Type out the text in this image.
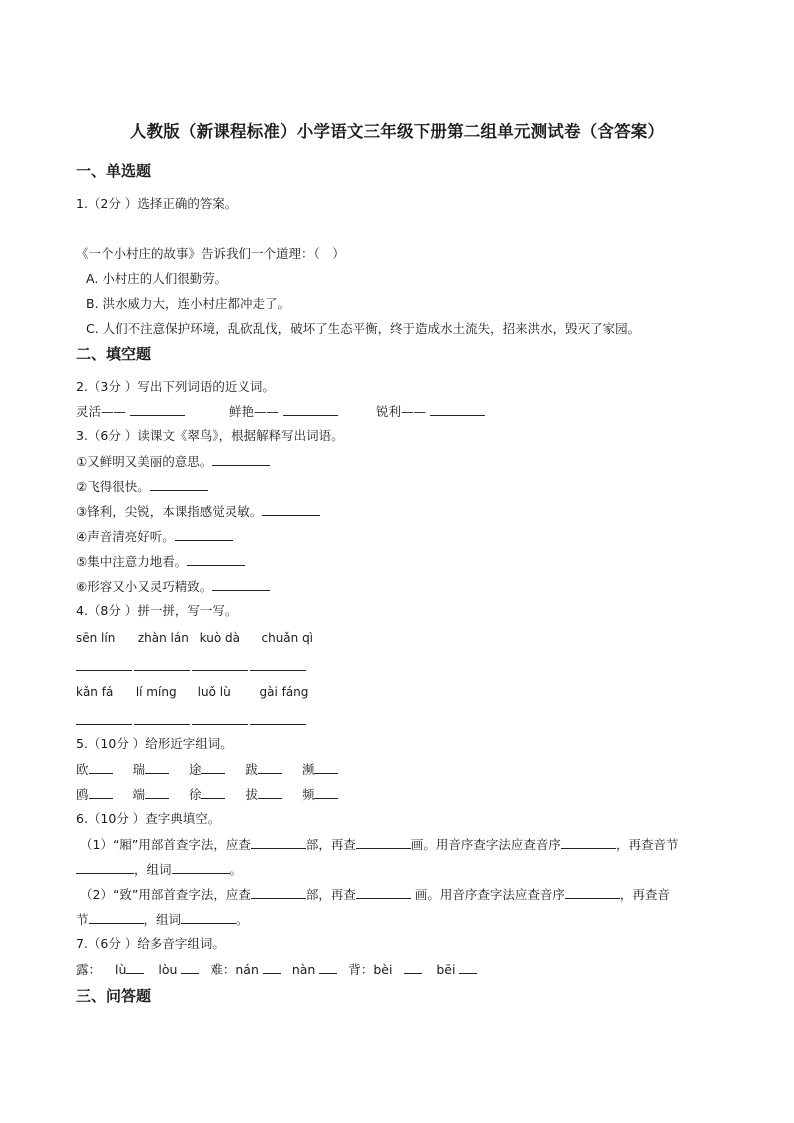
人教版（新课程标准）小学语文三年级下册第二组单元测试卷（含答案）
一、单选题
1.（2分 ）选择正确的答案。
《一个小村庄的故事》告诉我们一个道理：（　）
A. 小村庄的人们很勤劳。
B. 洪水威力大，连小村庄都冲走了。
C. 人们不注意保护环境，乱砍乱伐，破坏了生态平衡，终于造成水土流失，招来洪水，毁灭了家园。
二、填空题
2.（3分 ）写出下列词语的近义词。
灵活——	鲜艳——	锐利——
3.（6分 ）读课文《翠鸟》，根据解释写出词语。
①又鲜明又美丽的意思。
②飞得很快。
③锋利，尖锐，本课指感觉灵敏。
④声音清亮好听。
⑤集中注意力地看。
⑥形容又小又灵巧精致。
4.（8分 ）拼一拼，写一写。
sēn lín zhàn lán kuò dà chuǎn qì
kǎn fá lí míng luǒ lù gài fáng
5.（10分 ）给形近字组词。
欧	瑞	途	跋	濒
鸥	端	徐	拔	频
6.（10分 ）查字典填空。
（1）“厢”用部首查字法，应查	部，再查	画。用音序查字法应查音序	，再查音节
，组词	。
（2）“致”用部首查字法，应查	部，再查	画。用音序查字法应查音序	，再查音
节	，组词	。
7.（6分 ）给多音字组词。
露： lù	lòu	难：nán	nàn	背：bèi	bēi
三、问答题
